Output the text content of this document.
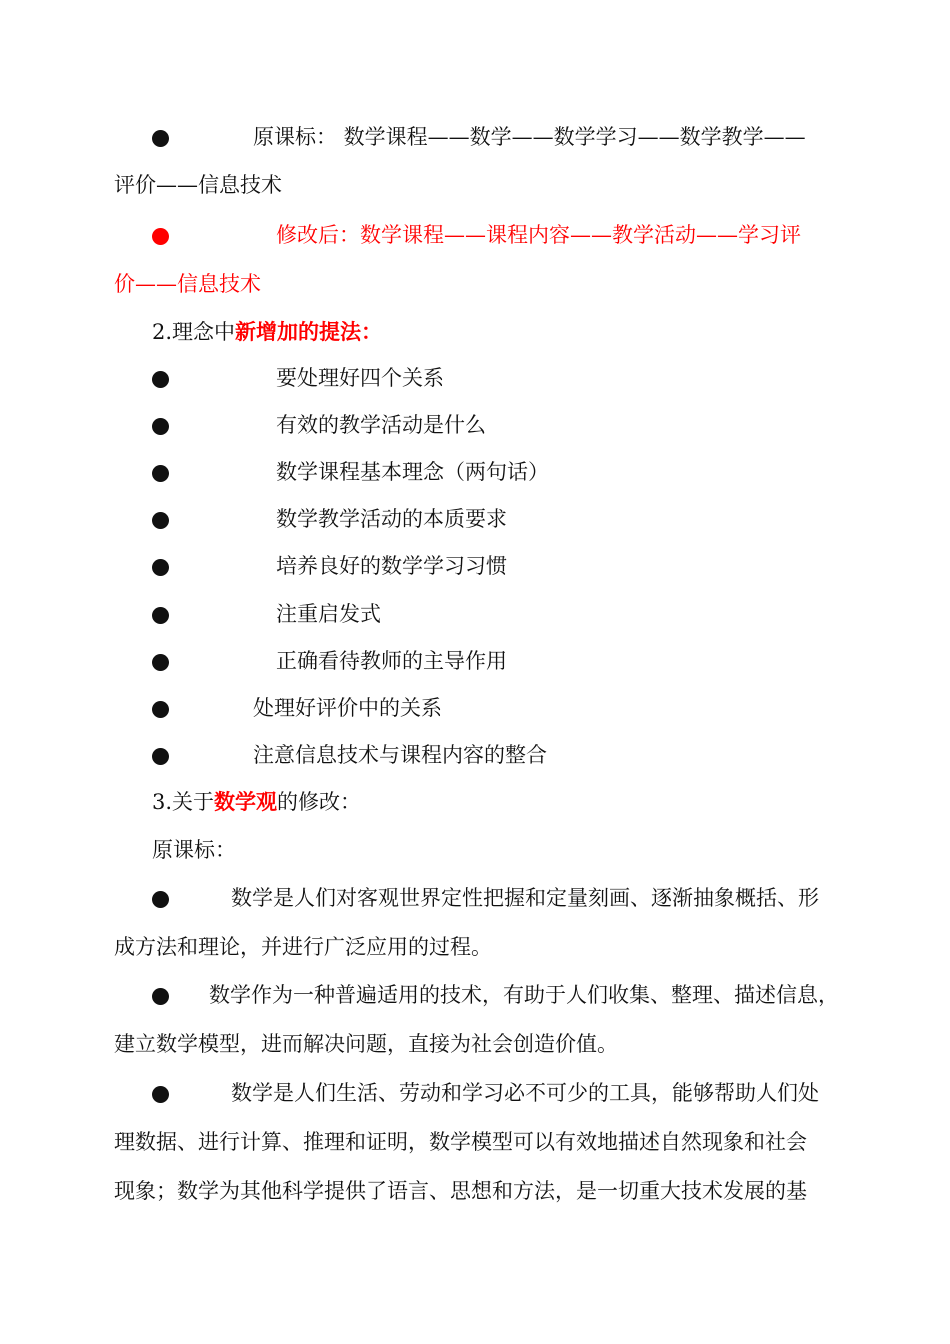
原课标： 数学课程——数学——数学学习——数学教学——
评价——信息技术
修改后：数学课程——课程内容——教学活动——学习评
价——信息技术
2.理念中新增加的提法：
要处理好四个关系
有效的教学活动是什么
数学课程基本理念（两句话）
数学教学活动的本质要求
培养良好的数学学习习惯
注重启发式
正确看待教师的主导作用
处理好评价中的关系
注意信息技术与课程内容的整合
3.关于数学观的修改：
原课标：
数学是人们对客观世界定性把握和定量刻画、逐渐抽象概括、形
成方法和理论，并进行广泛应用的过程。
数学作为一种普遍适用的技术，有助于人们收集、整理、描述信息，
建立数学模型，进而解决问题，直接为社会创造价值。
数学是人们生活、劳动和学习必不可少的工具，能够帮助人们处
理数据、进行计算、推理和证明，数学模型可以有效地描述自然现象和社会
现象；数学为其他科学提供了语言、思想和方法，是一切重大技术发展的基
